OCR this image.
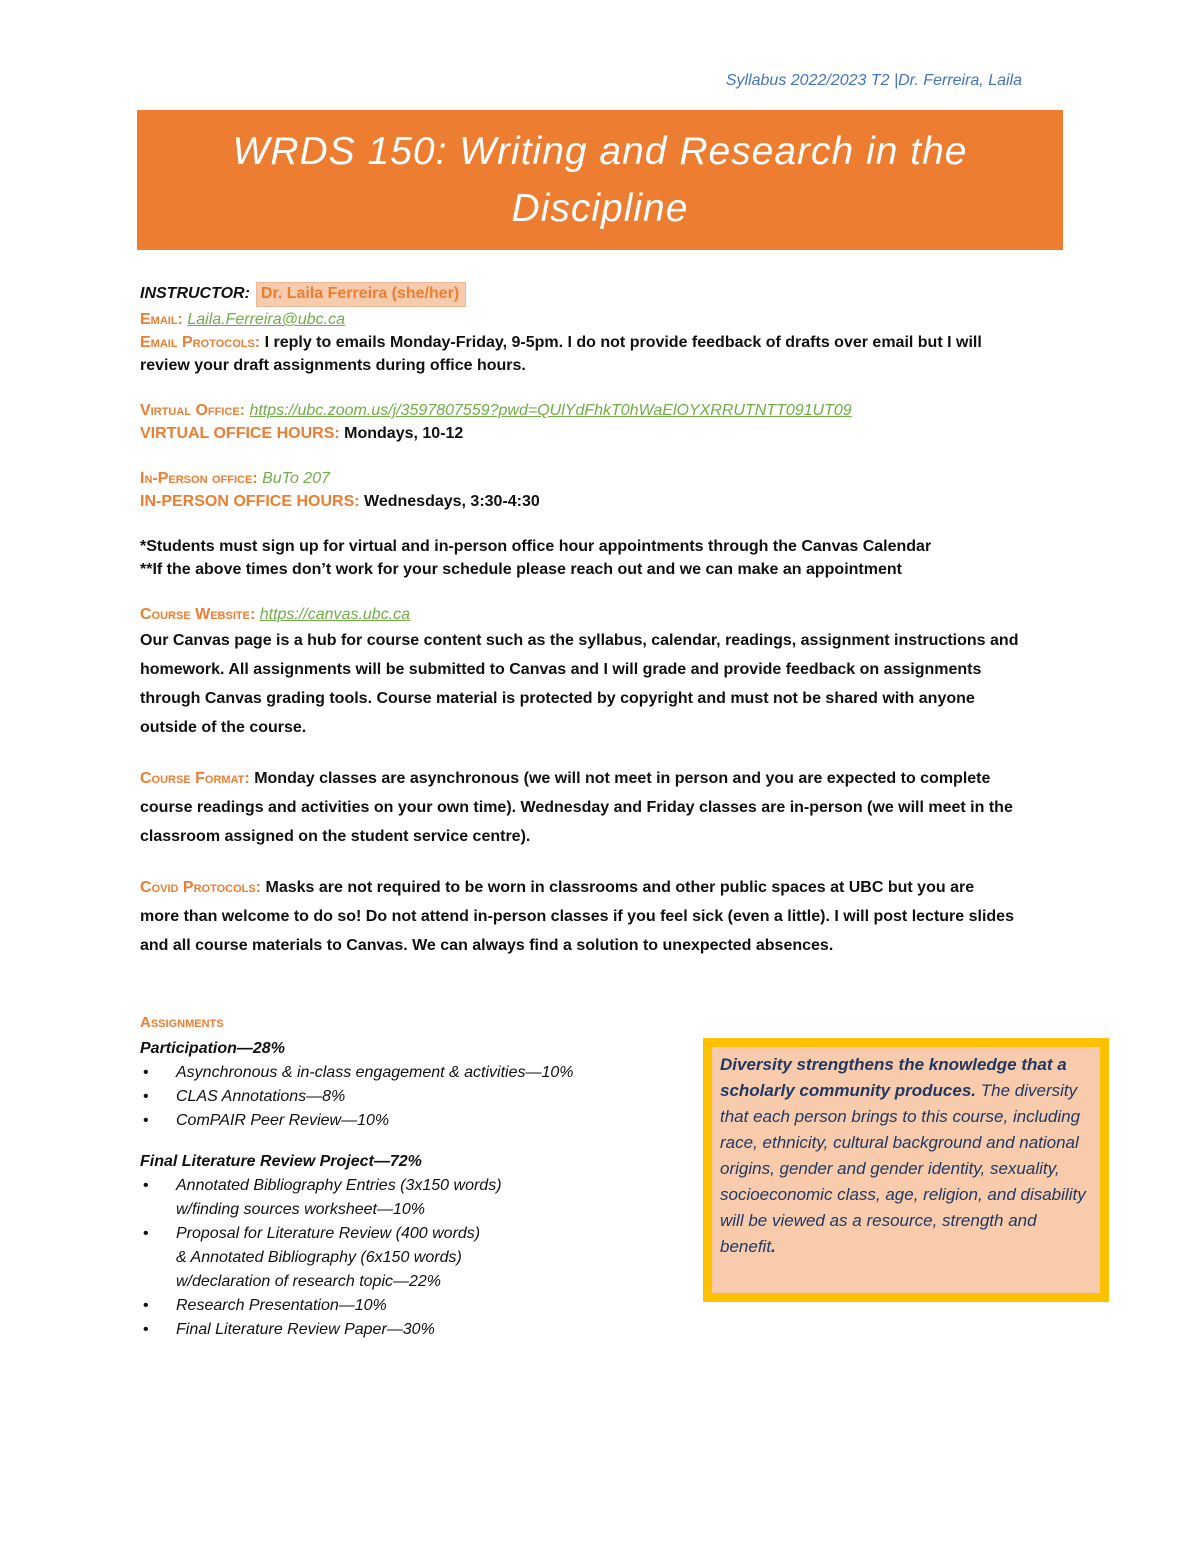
Syllabus 2022/2023 T2 |Dr. Ferreira, Laila
WRDS 150: Writing and Research in the
Discipline
INSTRUCTOR: Dr. Laila Ferreira (she/her)
Email: Laila.Ferreira@ubc.ca
Email Protocols: I reply to emails Monday-Friday, 9-5pm. I do not provide feedback of drafts over email but I will
review your draft assignments during office hours.
Virtual Office: https://ubc.zoom.us/j/3597807559?pwd=QUlYdFhkT0hWaElOYXRRUTNTT091UT09
VIRTUAL OFFICE HOURS: Mondays, 10-12
In-Person office: BuTo 207
IN-PERSON OFFICE HOURS: Wednesdays, 3:30-4:30
*Students must sign up for virtual and in-person office hour appointments through the Canvas Calendar
**If the above times don’t work for your schedule please reach out and we can make an appointment
Course Website: https://canvas.ubc.ca
Our Canvas page is a hub for course content such as the syllabus, calendar, readings, assignment instructions and
homework. All assignments will be submitted to Canvas and I will grade and provide feedback on assignments
through Canvas grading tools. Course material is protected by copyright and must not be shared with anyone
outside of the course.
Course Format: Monday classes are asynchronous (we will not meet in person and you are expected to complete
course readings and activities on your own time). Wednesday and Friday classes are in-person (we will meet in the
classroom assigned on the student service centre).
Covid Protocols: Masks are not required to be worn in classrooms and other public spaces at UBC but you are
more than welcome to do so! Do not attend in-person classes if you feel sick (even a little). I will post lecture slides
and all course materials to Canvas. We can always find a solution to unexpected absences.
Assignments
Participation—28%
• Asynchronous & in-class engagement & activities—10%
• CLAS Annotations—8%
• ComPAIR Peer Review—10%
Final Literature Review Project—72%
• Annotated Bibliography Entries (3x150 words)
w/finding sources worksheet—10%
• Proposal for Literature Review (400 words)
& Annotated Bibliography (6x150 words)
w/declaration of research topic—22%
• Research Presentation—10%
• Final Literature Review Paper—30%
Diversity strengthens the knowledge that a scholarly community produces. The diversity that each person brings to this course, including race, ethnicity, cultural background and national origins, gender and gender identity, sexuality, socioeconomic class, age, religion, and disability will be viewed as a resource, strength and benefit.
